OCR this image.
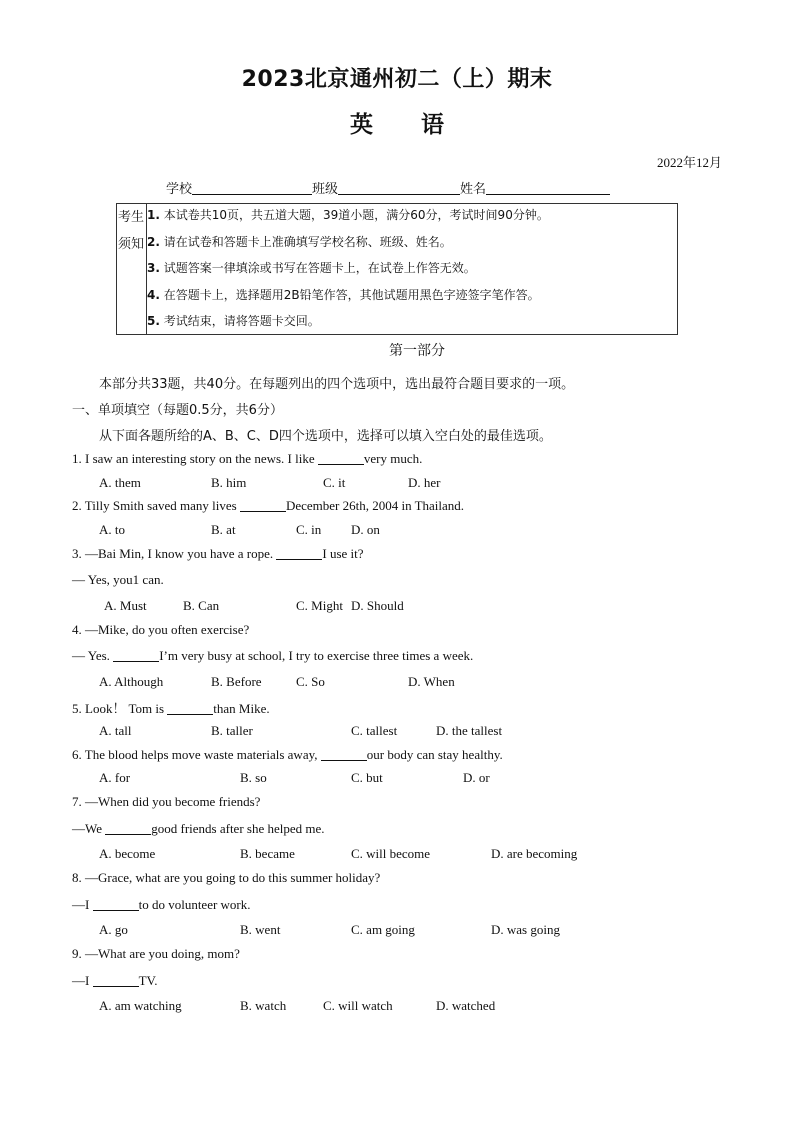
2023北京通州初二（上）期末
英 语
2022年12月
学校	班级	姓名
考生
须知
1. 本试卷共10页，共五道大题，39道小题，满分60分，考试时间90分钟。
2. 请在试卷和答题卡上准确填写学校名称、班级、姓名。
3. 试题答案一律填涂或书写在答题卡上，在试卷上作答无效。
4. 在答题卡上，选择题用2B铅笔作答，其他试题用黑色字迹签字笔作答。
5. 考试结束，请将答题卡交回。
第一部分
本部分共33题，共40分。在每题列出的四个选项中，选出最符合题目要求的一项。
一、单项填空（每题0.5分，共6分）
从下面各题所给的A、B、C、D四个选项中，选择可以填入空白处的最佳选项。
1. I saw an interesting story on the news. I like	very much.
A. them	B. him	C. it	D. her
2. Tilly Smith saved many lives	December 26th, 2004 in Thailand.
A. to	B. at	C. in D. on
3. —Bai Min, I know you have a rope.	I use it?
— Yes, you1 can.
A. Must	B. Can	C. Might D. Should
4. —Mike, do you often exercise?
— Yes.	I’m very busy at school, I try to exercise three times a week.
A. Although	B. Before	C. So	D. When
5. Look！ Tom is	than Mike.
A. tall	B. taller	C. tallest	D. the tallest
6. The blood helps move waste materials away,	our body can stay healthy.
A. for	B. so	C. but	D. or
7. —When did you become friends?
—We	good friends after she helped me.
A. become	B. became	C. will become	D. are becoming
8. —Grace, what are you going to do this summer holiday?
—I	to do volunteer work.
A. go	B. went	C. am going	D. was going
9. —What are you doing, mom?
—I	TV.
A. am watching	B. watch	C. will watch	D. watched
